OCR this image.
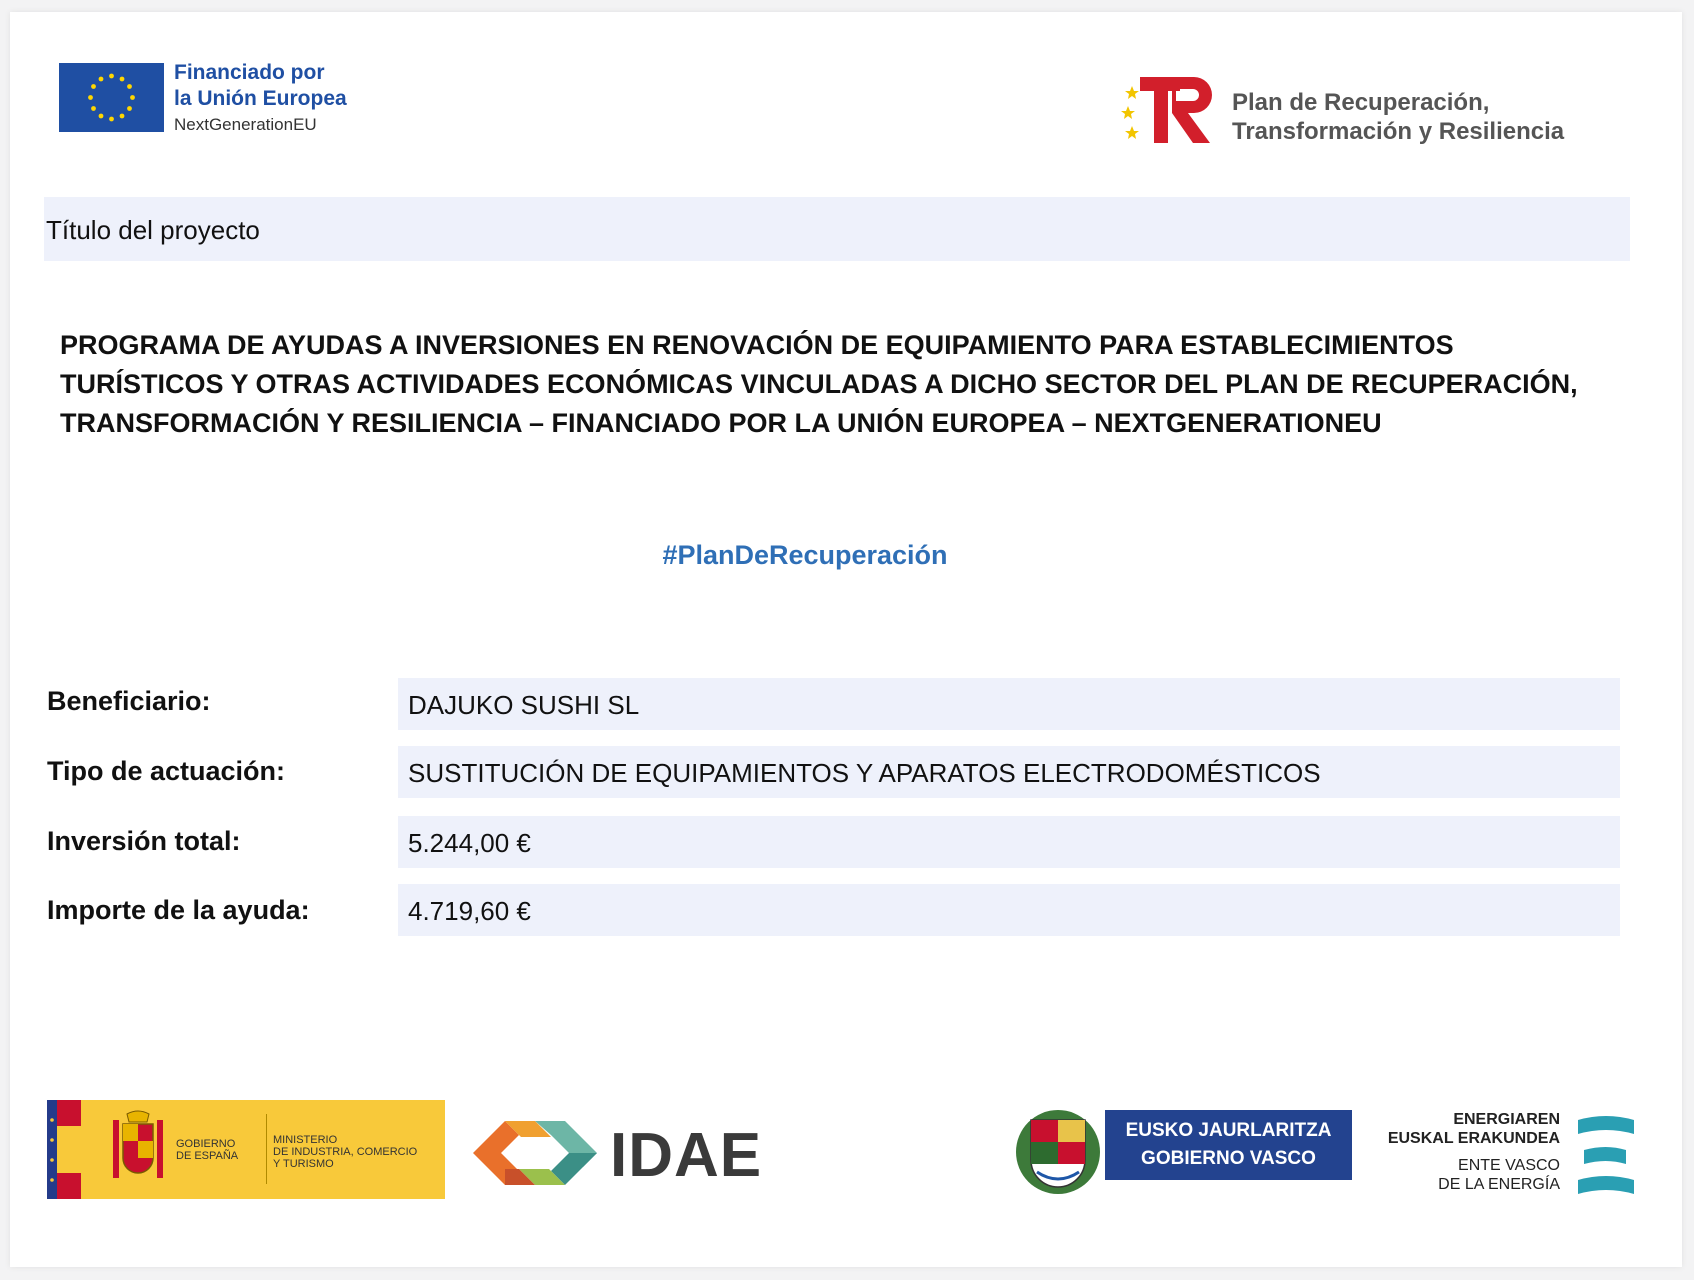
Financiado por
la Unión Europea
NextGenerationEU
Plan de Recuperación,
Transformación y Resiliencia
Título del proyecto
PROGRAMA DE AYUDAS A INVERSIONES EN RENOVACIÓN DE EQUIPAMIENTO PARA ESTABLECIMIENTOS
TURÍSTICOS Y OTRAS ACTIVIDADES ECONÓMICAS VINCULADAS A DICHO SECTOR DEL PLAN DE RECUPERACIÓN,
TRANSFORMACIÓN Y RESILIENCIA – FINANCIADO POR LA UNIÓN EUROPEA – NEXTGENERATIONEU
#PlanDeRecuperación
Beneficiario:	DAJUKO SUSHI SL
Tipo de actuación:	SUSTITUCIÓN DE EQUIPAMIENTOS Y APARATOS ELECTRODOMÉSTICOS
Inversión total:	5.244,00 €
Importe de la ayuda:	4.719,60 €
GOBIERNO
DE ESPAÑA
MINISTERIO
DE INDUSTRIA, COMERCIO
Y TURISMO	IDAE	EUSKO JAURLARITZA
GOBIERNO VASCO
ENERGIAREN
EUSKAL ERAKUNDEA
ENTE VASCO
DE LA ENERGÍA
